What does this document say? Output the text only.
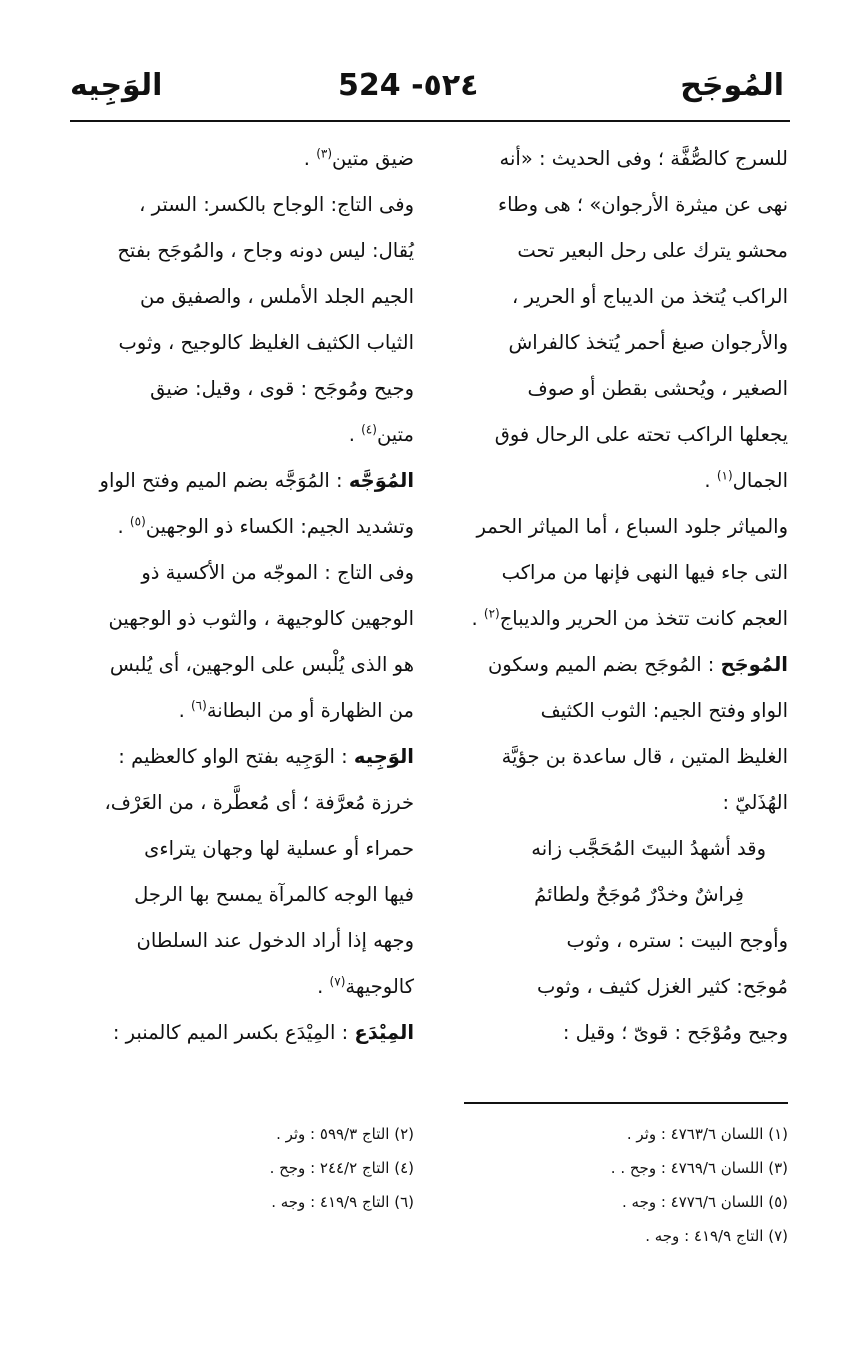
المُوجَح
524 -٥٢٤
الوَجِيه

للسرج كالصُّفَّة ؛ وفى الحديث : «أنه

نهى عن ميثرة الأرجوان» ؛ هى وطاء

محشو يترك على رحل البعير تحت

الراكب يُتخذ من الديباج أو الحرير ،

والأرجوان صبغ أحمر يُتخذ كالفراش

الصغير ، ويُحشى بقطن أو صوف

يجعلها الراكب تحته على الرحال فوق

الجمال$^{(١)}$ .

والمياثر جلود السباع ، أما المياثر الحمر

التى جاء فيها النهى فإنها من مراكب

العجم كانت تتخذ من الحرير والديباج$^{(٢)}$ .

المُوجَح : المُوجَح بضم الميم وسكون

الواو وفتح الجيم: الثوب الكثيف

الغليظ المتين ، قال ساعدة بن جؤيَّة

الهُذَليّ :

وقد أشهدُ البيتَ المُحَجَّب زانه

فِراشٌ وخدْرٌ مُوجَحٌ ولطائمُ

وأوجح البيت : ستره ، وثوب

مُوجَح: كثير الغزل كثيف ، وثوب

وجيح ومُوْجَح : قوىّ ؛ وقيل :

ضيق متين$^{(٣)}$ .

وفى التاج: الوجاح بالكسر: الستر ،

يُقال: ليس دونه وجاح ، والمُوجَح بفتح

الجيم الجلد الأملس ، والصفيق من

الثياب الكثيف الغليظ كالوجيح ، وثوب

وجيح ومُوجَح : قوى ، وقيل: ضيق

متين$^{(٤)}$ .

المُوَجَّه : المُوَجَّه بضم الميم وفتح الواو

وتشديد الجيم: الكساء ذو الوجهين$^{(٥)}$ .

وفى التاج : الموجّه من الأكسية ذو

الوجهين كالوجيهة ، والثوب ذو الوجهين

هو الذى يُلْبس على الوجهين، أى يُلبس

من الظهارة أو من البطانة$^{(٦)}$ .

الوَجِيه : الوَجِيه بفتح الواو كالعظيم :

خرزة مُعرَّفة ؛ أى مُعطَّرة ، من العَرْف،

حمراء أو عسلية لها وجهان يتراءى

فيها الوجه كالمرآة يمسح بها الرجل

وجهه إذا أراد الدخول عند السلطان

كالوجيهة$^{(٧)}$ .

المِيْدَع : المِيْدَع بكسر الميم كالمنبر :

(١) اللسان ٤٧٦٣/٦ : وثر .
(٣) اللسان ٤٧٦٩/٦ : وجح . .
(٥) اللسان ٤٧٧٦/٦ : وجه .
(٧) التاج ٤١٩/٩ : وجه .
(٢) التاج ٥٩٩/٣ : وثر .
(٤) التاج ٢٤٤/٢ : وجح .
(٦) التاج ٤١٩/٩ : وجه .
